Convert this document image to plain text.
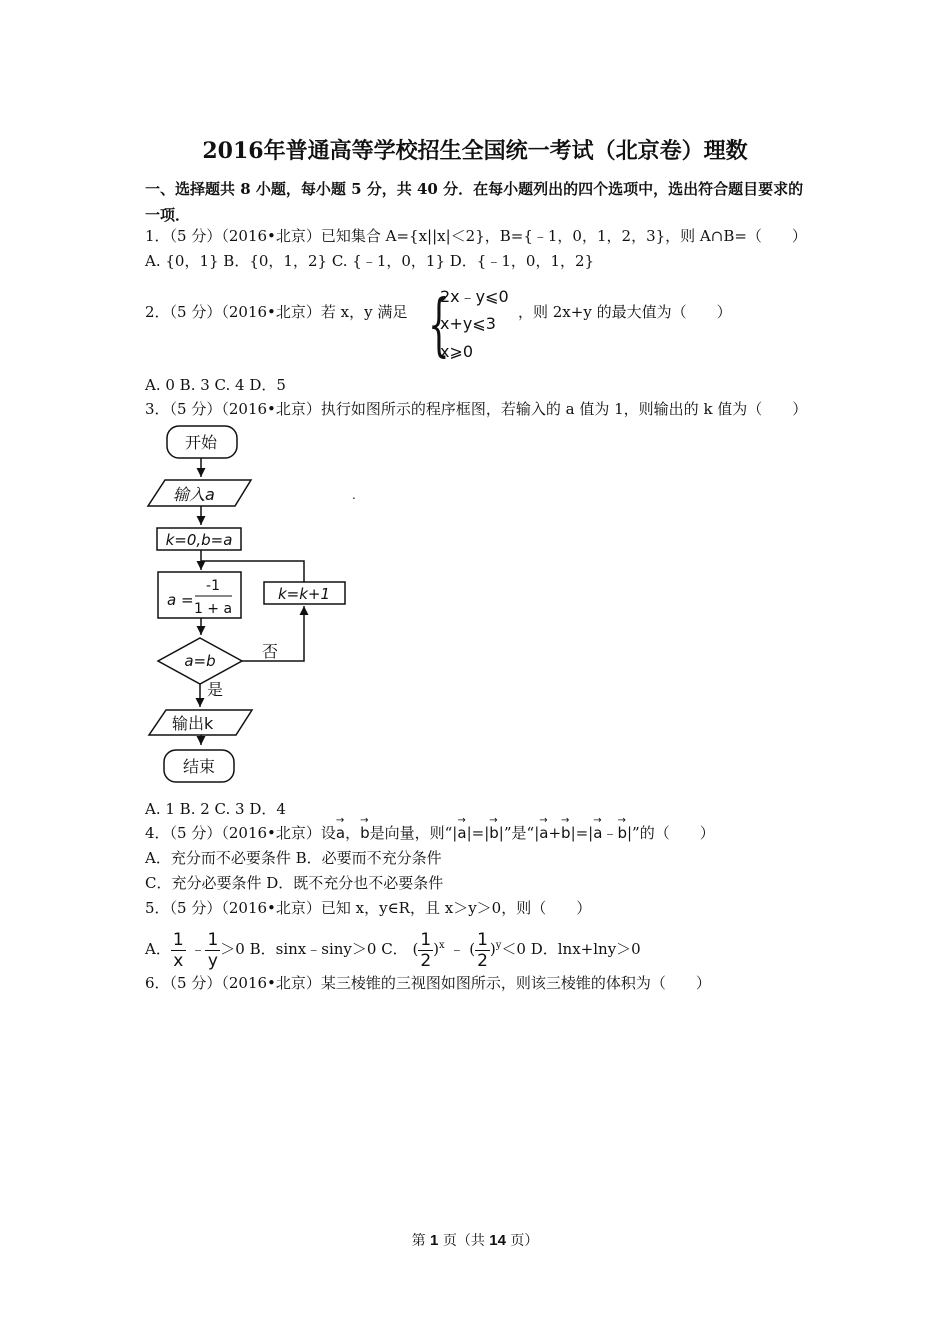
2016年普通高等学校招生全国统一考试（北京卷）理数
一、选择题共 8 小题，每小题 5 分，共 40 分．在每小题列出的四个选项中，选出符合题目要求的一项．
1．（5 分）（2016•北京）已知集合 A={x||x|＜2}，B={﹣1，0，1，2，3}，则 A∩B=（　　）
A. {0，1} B．{0，1，2} C. {﹣1，0，1} D．{﹣1，0，1，2}
2．（5 分）（2016•北京）若 x，y 满足 {
2x﹣y⩽0
x+y⩽3
x⩾0
，则 2x+y 的最大值为（　　）
A. 0 B. 3 C. 4 D．5
3．（5 分）（2016•北京）执行如图所示的程序框图，若输入的 a 值为 1，则输出的 k 值为（　　）
开始
输入a
k=0,b=a
a =
-1
1 + a
k=k+1
a=b	否
是
输出k
结束
.
A. 1 B. 2 C. 3 D．4
4．（5 分）（2016•北京）设→ a，→ b是向量，则“|→ a|=|→ b|”是“|→ a+→ b|=|→ a﹣→ b|”的（　　）
A．充分而不必要条件 B．必要而不充分条件
C．充分必要条件 D．既不充分也不必要条件
5．（5 分）（2016•北京）已知 x，y∈R，且 x＞y＞0，则（　　）
A． $\frac{1}{x}$ ﹣ $\frac{1}{y} >0$ B．sinx﹣siny＞0 C． ( $\frac{1}{2} )^x$ ﹣ ( $\frac{1}{2} )^y<0$ D．lnx+lny＞0
6．（5 分）（2016•北京）某三棱锥的三视图如图所示，则该三棱锥的体积为（　　）
第 1 页（共 14 页）
